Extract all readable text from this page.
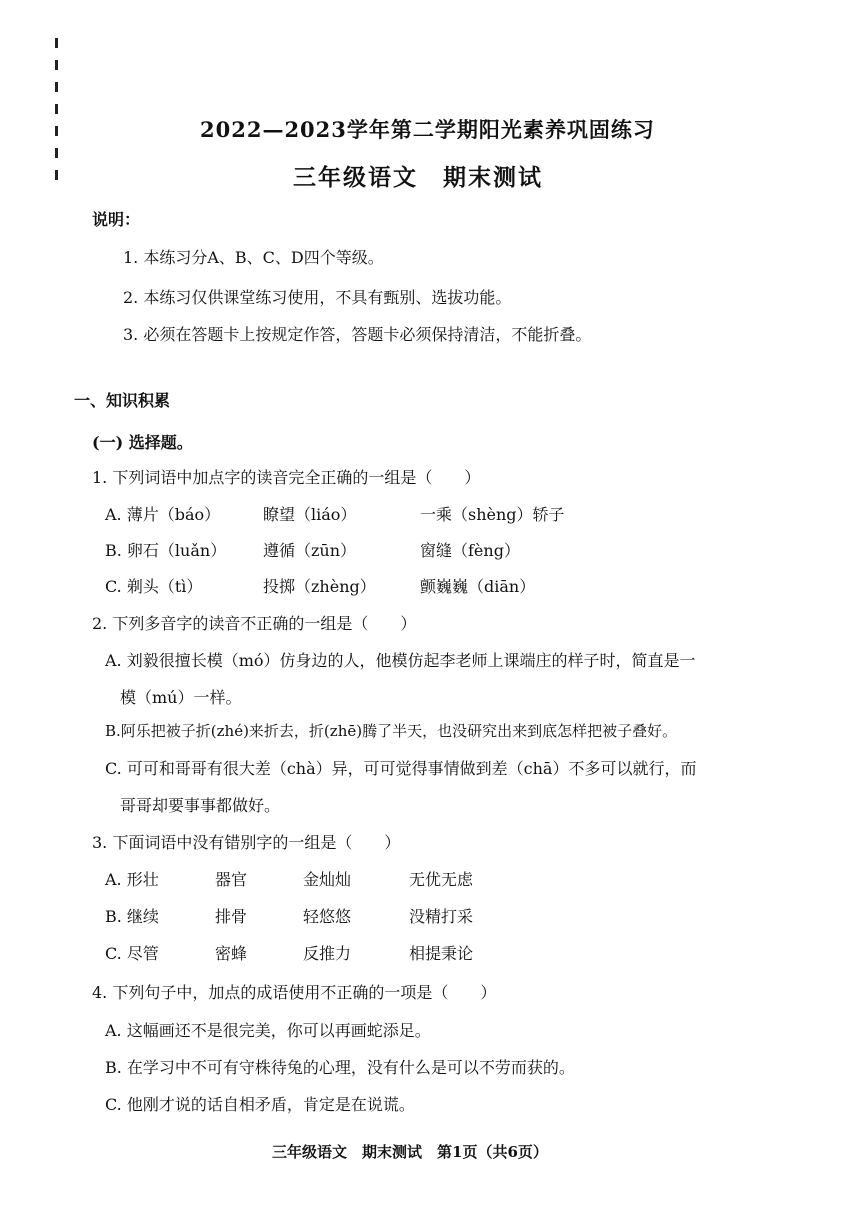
2022—2023学年第二学期阳光素养巩固练习
三年级语文　期末测试
说明：
1. 本练习分A、B、C、D四个等级。
2. 本练习仅供课堂练习使用，不具有甄别、选拔功能。
3. 必须在答题卡上按规定作答，答题卡必须保持清洁，不能折叠。
一、知识积累
(一) 选择题。
1. 下列词语中加点字的读音完全正确的一组是（　　）
A. 薄片（báo）	瞭望（liáo）	一乘（shèng）轿子
B. 卵石（luǎn） 遵循（zūn）	窗缝（fèng）
C. 剃头（tì）	投掷（zhèng）	颤巍巍（diān）
2. 下列多音字的读音不正确的一组是（　　）
A. 刘毅很擅长模（mó）仿身边的人，他模仿起李老师上课端庄的样子时，简直是一
模（mú）一样。
B.阿乐把被子折(zhé)来折去，折(zhē)腾了半天，也没研究出来到底怎样把被子叠好。
C. 可可和哥哥有很大差（chà）异，可可觉得事情做到差（chā）不多可以就行，而
哥哥却要事事都做好。
3. 下面词语中没有错别字的一组是（　　）
A. 形壮	器官	金灿灿	无优无虑
B. 继续	排骨	轻悠悠	没精打采
C. 尽管	密蜂	反推力	相提秉论
4. 下列句子中，加点的成语使用不正确的一项是（　　）
A. 这幅画还不是很完美，你可以再画蛇添足。
B. 在学习中不可有守株待兔的心理，没有什么是可以不劳而获的。
C. 他刚才说的话自相矛盾，肯定是在说谎。
三年级语文　期末测试　第1页（共6页）
